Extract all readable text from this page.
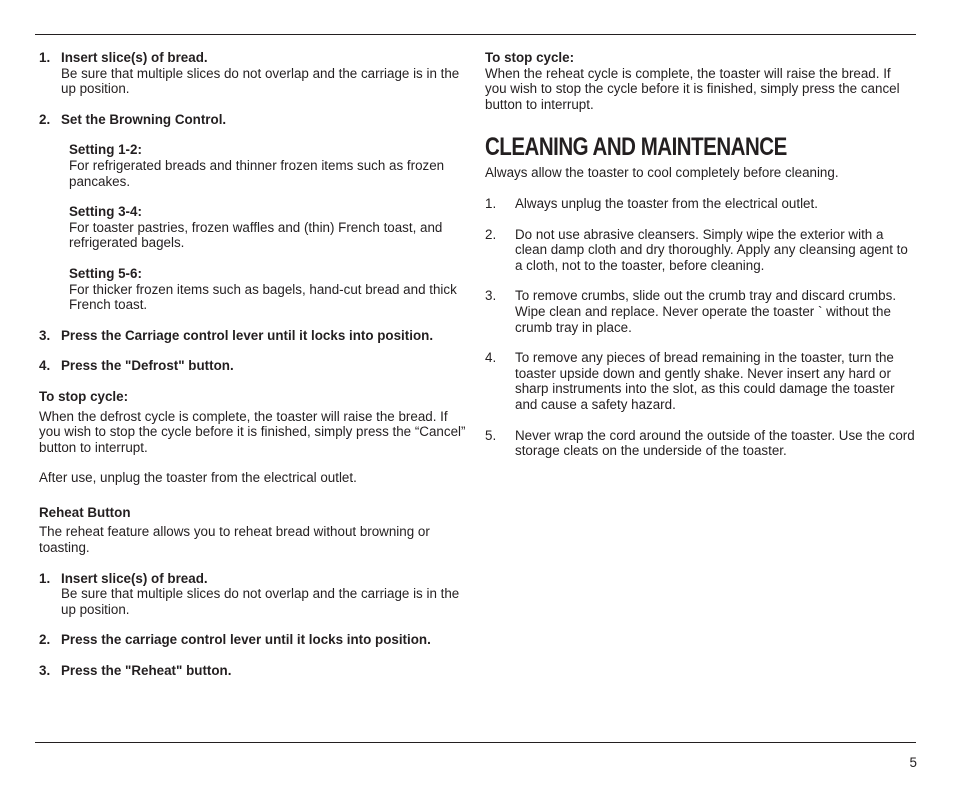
1. Insert slice(s) of bread.
Be sure that multiple slices do not overlap and the carriage is in the up position.
2. Set the Browning Control.
Setting 1-2:
For refrigerated breads and thinner frozen items such as frozen pancakes.
Setting 3-4:
For toaster pastries, frozen waffles and (thin) French toast, and refrigerated bagels.
Setting 5-6:
For thicker frozen items such as bagels, hand-cut bread and thick French toast.
3. Press the Carriage control lever until it locks into position.
4. Press the "Defrost" button.
To stop cycle:
When the defrost cycle is complete, the toaster will raise the bread. If you wish to stop the cycle before it is finished, simply press the “Cancel” button to interrupt.
After use, unplug the toaster from the electrical outlet.
Reheat Button
The reheat feature allows you to reheat bread without browning or toasting.
1. Insert slice(s) of bread.
Be sure that multiple slices do not overlap and the carriage is in the up position.
2. Press the carriage control lever until it locks into position.
3. Press the "Reheat" button.
To stop cycle:
When the reheat cycle is complete, the toaster will raise the bread. If you wish to stop the cycle before it is finished, simply press the cancel button to interrupt.
CLEANING AND MAINTENANCE
Always allow the toaster to cool completely before cleaning.
1.	Always unplug the toaster from the electrical outlet.
2.	Do not use abrasive cleansers. Simply wipe the exterior with a clean damp cloth and dry thoroughly. Apply any cleansing agent to a cloth, not to the toaster, before cleaning.
3.	To remove crumbs, slide out the crumb tray and discard crumbs. Wipe clean and replace. Never operate the toaster ` without the crumb tray in place.
4.	To remove any pieces of bread remaining in the toaster, turn the toaster upside down and gently shake. Never insert any hard or sharp instruments into the slot, as this could damage the toaster and cause a safety hazard.
5.	Never wrap the cord around the outside of the toaster. Use the cord storage cleats on the underside of the toaster.
5
